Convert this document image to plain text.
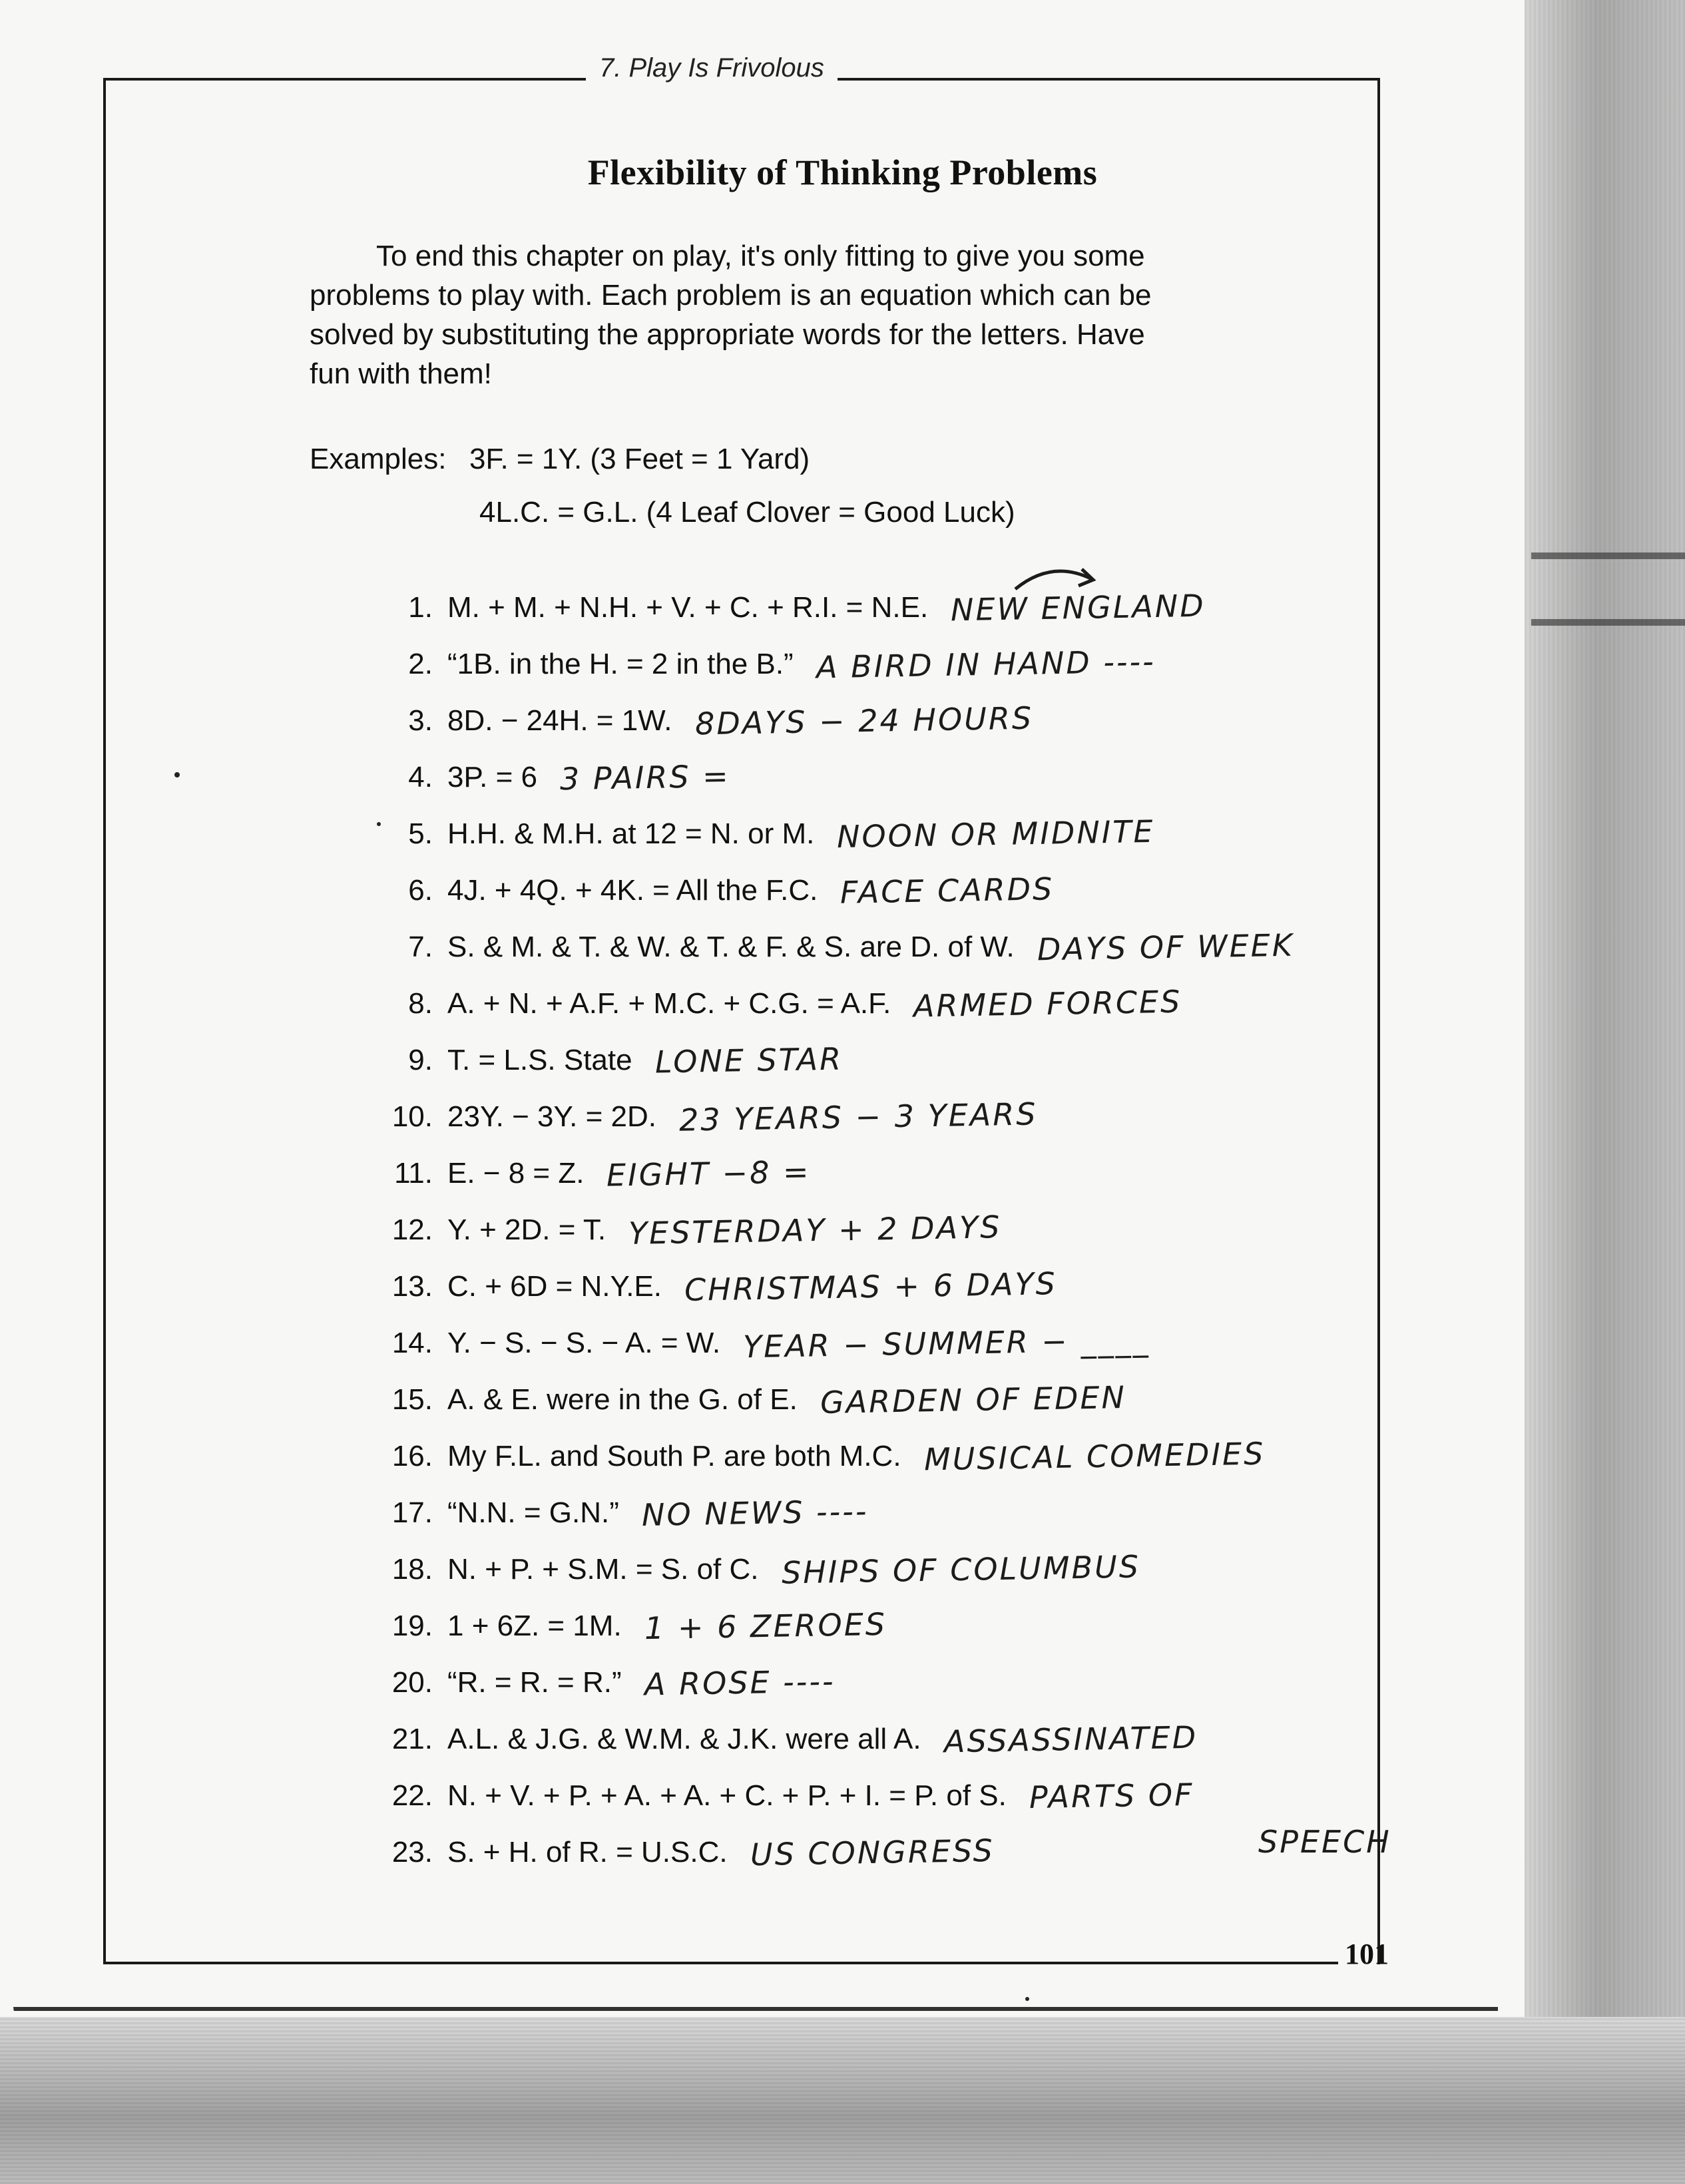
7. Play Is Frivolous
Flexibility of Thinking Problems
To end this chapter on play, it's only fitting to give you some problems to play with. Each problem is an equation which can be solved by substituting the appropriate words for the letters. Have fun with them!
Examples: 3F. = 1Y. (3 Feet = 1 Yard)
4L.C. = G.L. (4 Leaf Clover = Good Luck)
1. M. + M. + N.H. + V. + C. + R.I. = N.E. NEW ENGLAND
2. “1B. in the H. = 2 in the B.” A BIRD IN HAND ----
3. 8D. − 24H. = 1W. 8DAYS − 24 HOURS
4. 3P. = 6 3 PAIRS =
5. H.H. & M.H. at 12 = N. or M. NOON OR MIDNITE
6. 4J. + 4Q. + 4K. = All the F.C. FACE CARDS
7. S. & M. & T. & W. & T. & F. & S. are D. of W. DAYS OF WEEK
8. A. + N. + A.F. + M.C. + C.G. = A.F. ARMED FORCES
9. T. = L.S. State LONE STAR
10. 23Y. − 3Y. = 2D. 23 YEARS − 3 YEARS
11. E. − 8 = Z. EIGHT −8 =
12. Y. + 2D. = T. YESTERDAY + 2 DAYS
13. C. + 6D = N.Y.E. CHRISTMAS + 6 DAYS
14. Y. − S. − S. − A. = W. YEAR − SUMMER − ____
15. A. & E. were in the G. of E. GARDEN OF EDEN
16. My F.L. and South P. are both M.C. MUSICAL COMEDIES
17. “N.N. = G.N.” NO NEWS ----
18. N. + P. + S.M. = S. of C. SHIPS OF COLUMBUS
19. 1 + 6Z. = 1M. 1 + 6 ZEROES
20. “R. = R. = R.” A ROSE ----
21. A.L. & J.G. & W.M. & J.K. were all A. ASSASSINATED
22. N. + V. + P. + A. + A. + C. + P. + I. = P. of S. PARTS OF
23. S. + H. of R. = U.S.C. US CONGRESS	SPEECH
101
